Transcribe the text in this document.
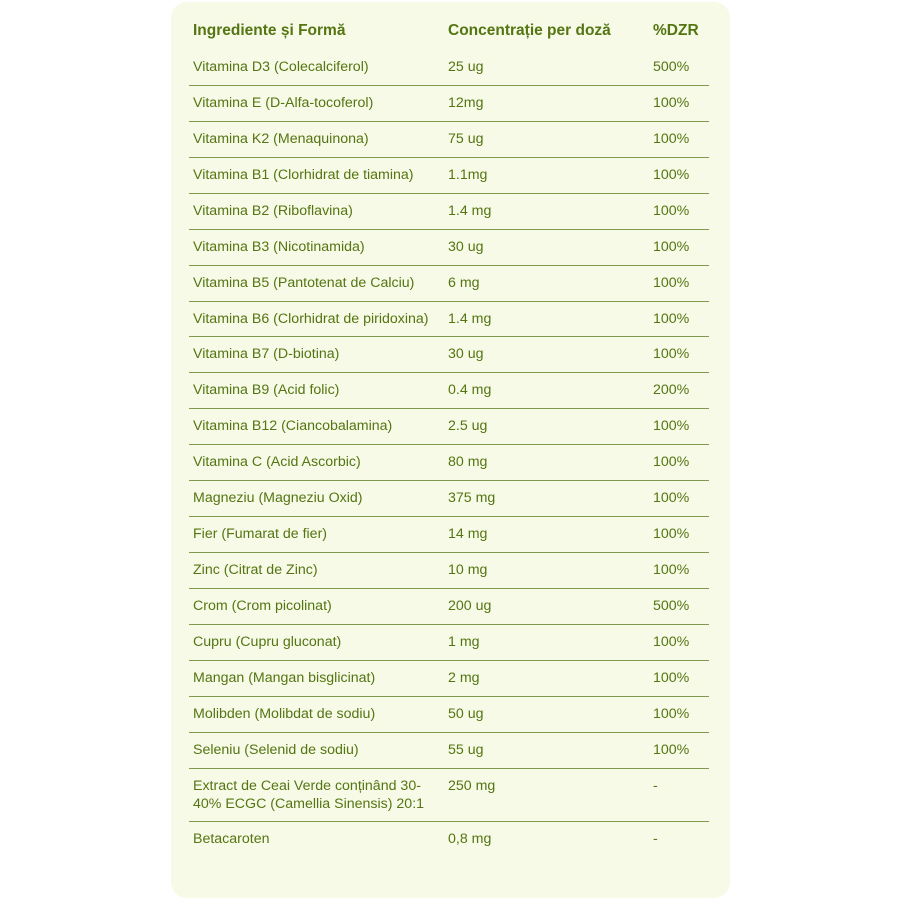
Ingrediente și Formă	Concentrație per doză	%DZR
Vitamina D3 (Colecalciferol)	25 ug	500%
Vitamina E (D-Alfa-tocoferol)	12mg	100%
Vitamina K2 (Menaquinona)	75 ug	100%
Vitamina B1 (Clorhidrat de tiamina)	1.1mg	100%
Vitamina B2 (Riboflavina)	1.4 mg	100%
Vitamina B3 (Nicotinamida)	30 ug	100%
Vitamina B5 (Pantotenat de Calciu)	6 mg	100%
Vitamina B6 (Clorhidrat de piridoxina)	1.4 mg	100%
Vitamina B7 (D-biotina)	30 ug	100%
Vitamina B9 (Acid folic)	0.4 mg	200%
Vitamina B12 (Ciancobalamina)	2.5 ug	100%
Vitamina C (Acid Ascorbic)	80 mg	100%
Magneziu (Magneziu Oxid)	375 mg	100%
Fier (Fumarat de fier)	14 mg	100%
Zinc (Citrat de Zinc)	10 mg	100%
Crom (Crom picolinat)	200 ug	500%
Cupru (Cupru gluconat)	1 mg	100%
Mangan (Mangan bisglicinat)	2 mg	100%
Molibden (Molibdat de sodiu)	50 ug	100%
Seleniu (Selenid de sodiu)	55 ug	100%
Extract de Ceai Verde conținând 30-40% ECGC (Camellia Sinensis) 20:1	250 mg	-
Betacaroten	0,8 mg	-
